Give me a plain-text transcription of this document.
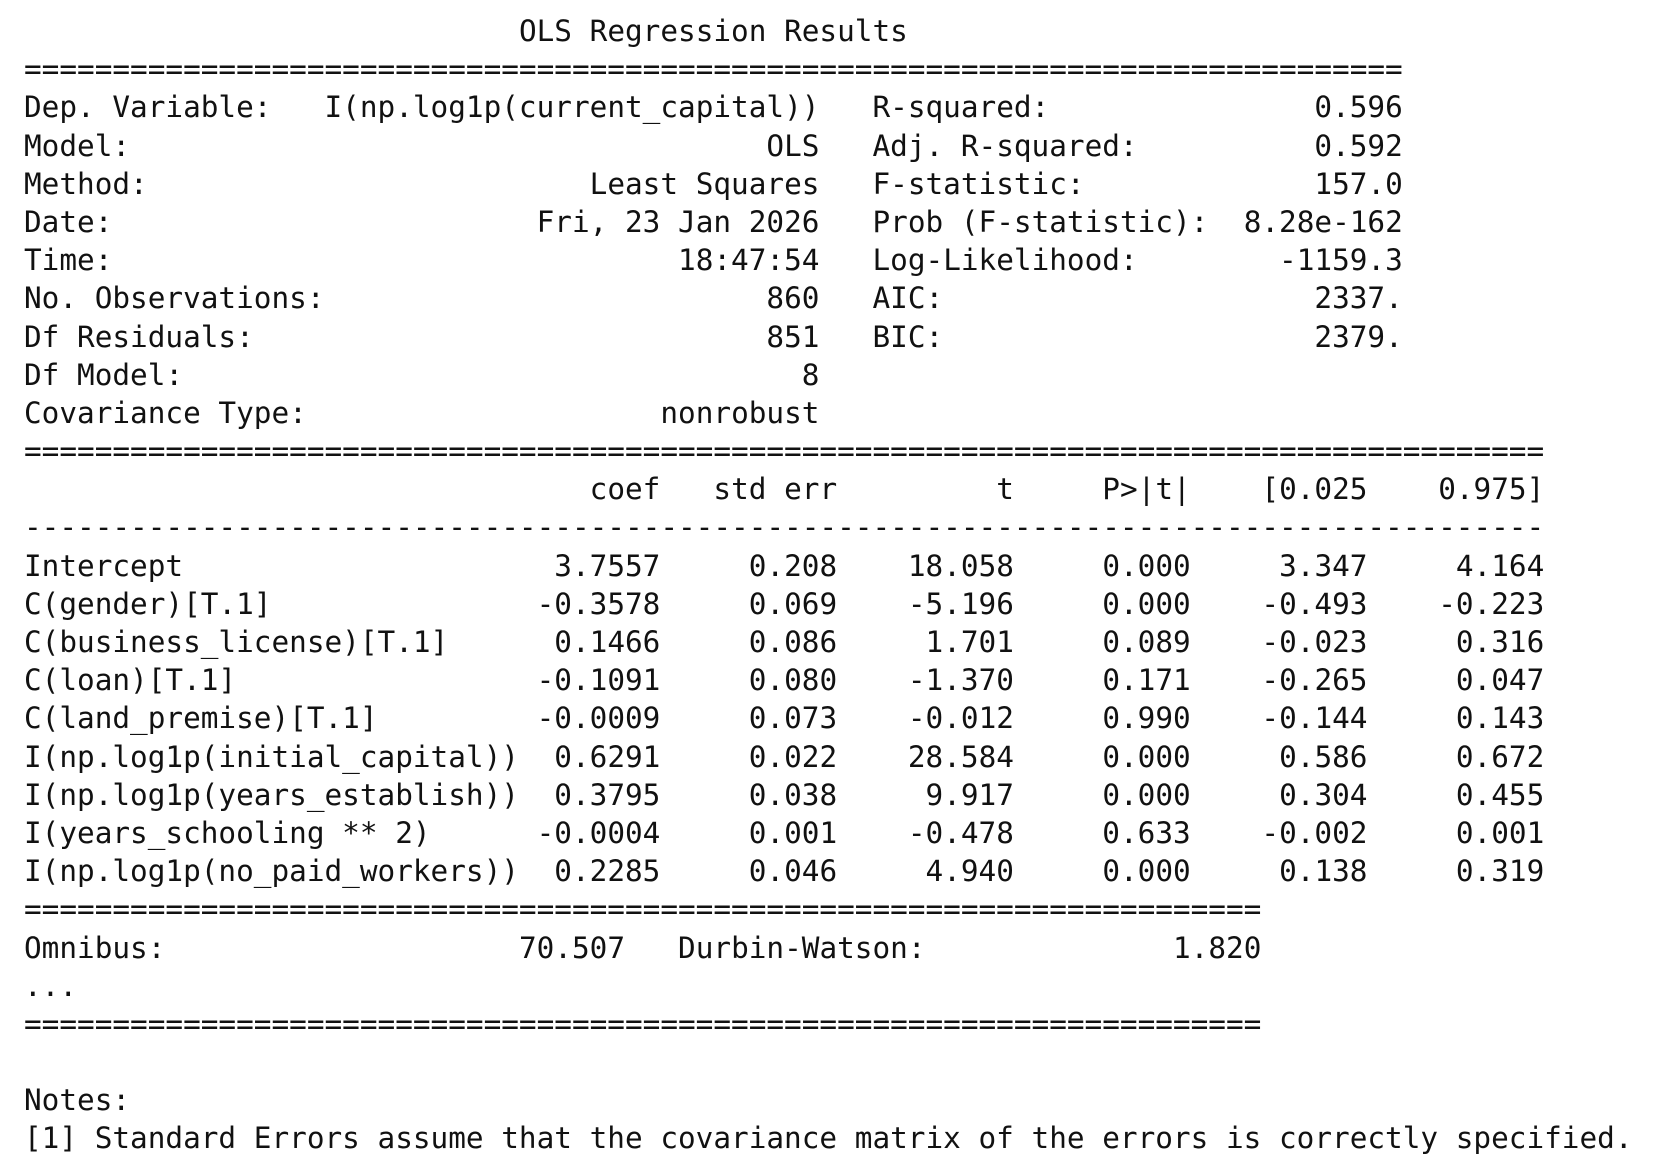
OLS Regression Results
==============================================================================
Dep. Variable: I(np.log1p(current_capital)) R-squared:	0.596
Model:	OLS Adj. R-squared:	0.592
Method:	Least Squares F-statistic:	157.0
Date:	Fri, 23 Jan 2026 Prob (F-statistic): 8.28e-162
Time:	18:47:54 Log-Likelihood:	-1159.3
No. Observations:	860 AIC:	2337.
Df Residuals:	851 BIC:	2379.
Df Model:	8
Covariance Type:	nonrobust
======================================================================================
coef std err	t	P>|t| [0.025 0.975]
--------------------------------------------------------------------------------------
Intercept	3.7557	0.208 18.058	0.000	3.347	4.164
C(gender)[T.1]	-0.3578	0.069 -5.196	0.000 -0.493 -0.223
C(business_license)[T.1]	0.1466	0.086	1.701	0.089 -0.023	0.316
C(loan)[T.1]	-0.1091	0.080 -1.370	0.171 -0.265	0.047
C(land_premise)[T.1]	-0.0009	0.073 -0.012	0.990 -0.144	0.143
I(np.log1p(initial_capital)) 0.6291	0.022 28.584	0.000	0.586	0.672
I(np.log1p(years_establish)) 0.3795	0.038	9.917	0.000	0.304	0.455
I(years_schooling ** 2)	-0.0004	0.001 -0.478	0.633 -0.002	0.001
I(np.log1p(no_paid_workers)) 0.2285	0.046	4.940	0.000	0.138	0.319
======================================================================
Omnibus:	70.507 Durbin-Watson:	1.820
...
======================================================================

Notes:
[1] Standard Errors assume that the covariance matrix of the errors is correctly specified.
